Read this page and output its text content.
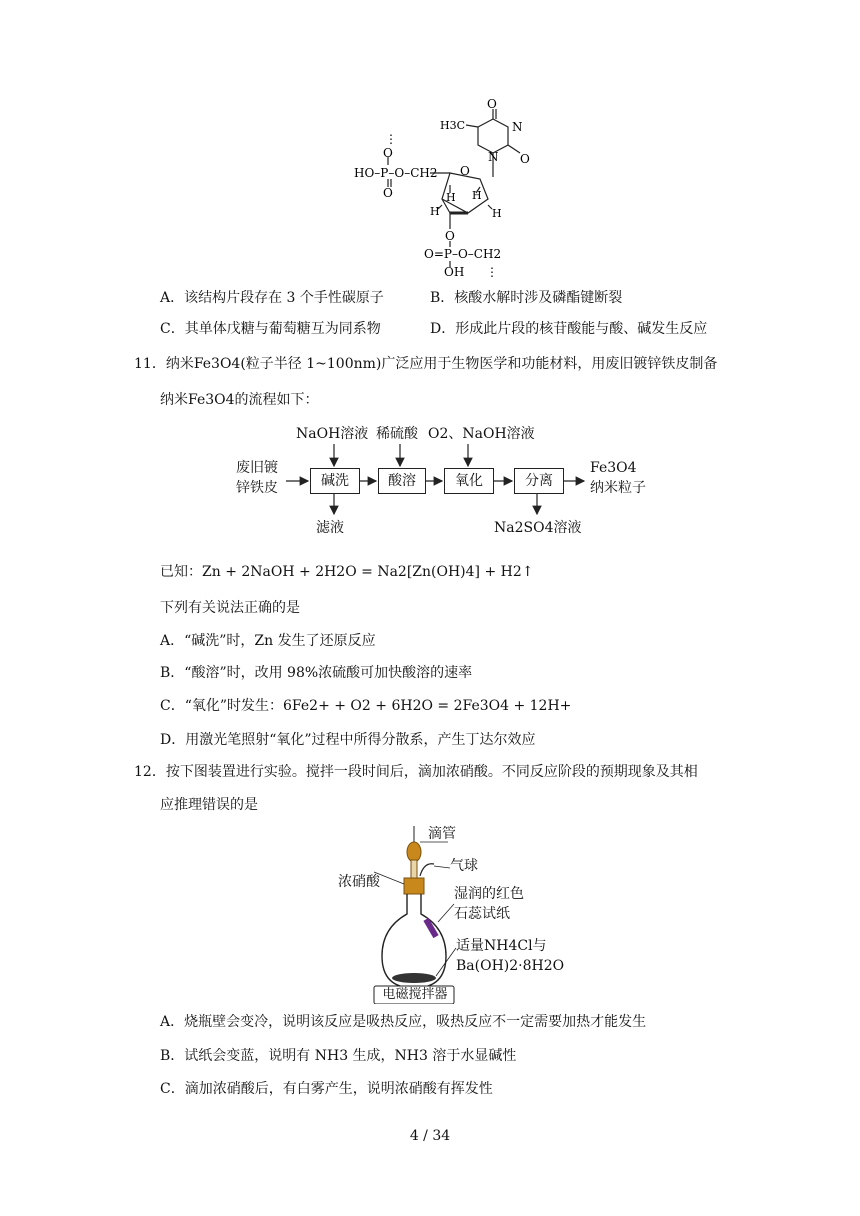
O
N
O
H3C
N
⋮
O
HO–P–O–CH2
O
O
H H
H	H
O
O=P–O–CH2
OH ⋮
A．该结构片段存在 3 个手性碳原子	B．核酸水解时涉及磷酯键断裂
C．其单体戊糖与葡萄糖互为同系物	D．形成此片段的核苷酸能与酸、碱发生反应
11．纳米Fe3O4(粒子半径 1~100nm)广泛应用于生物医学和功能材料，用废旧镀锌铁皮制备
纳米Fe3O4的流程如下：
废旧镀
锌铁皮	碱洗	酸溶	氧化	分离
NaOH溶液 稀硫酸 O2、NaOH溶液
滤液	Na2SO4溶液
Fe3O4
纳米粒子
已知：Zn + 2NaOH + 2H2O = Na2[Zn(OH)4] + H2↑
下列有关说法正确的是
A．“碱洗”时，Zn 发生了还原反应
B．“酸溶”时，改用 98%浓硫酸可加快酸溶的速率
C．“氧化”时发生：6Fe2+ + O2 + 6H2O = 2Fe3O4 + 12H+
D．用激光笔照射“氧化”过程中所得分散系，产生丁达尔效应
12．按下图装置进行实验。搅拌一段时间后，滴加浓硝酸。不同反应阶段的预期现象及其相
应推理错误的是
滴管
气球
浓硝酸
湿润的红色
石蕊试纸
适量NH4Cl与
Ba(OH)2·8H2O
电磁搅拌器
A．烧瓶壁会变冷，说明该反应是吸热反应，吸热反应不一定需要加热才能发生
B．试纸会变蓝，说明有 NH3 生成，NH3 溶于水显碱性
C．滴加浓硝酸后，有白雾产生，说明浓硝酸有挥发性
4 / 34
